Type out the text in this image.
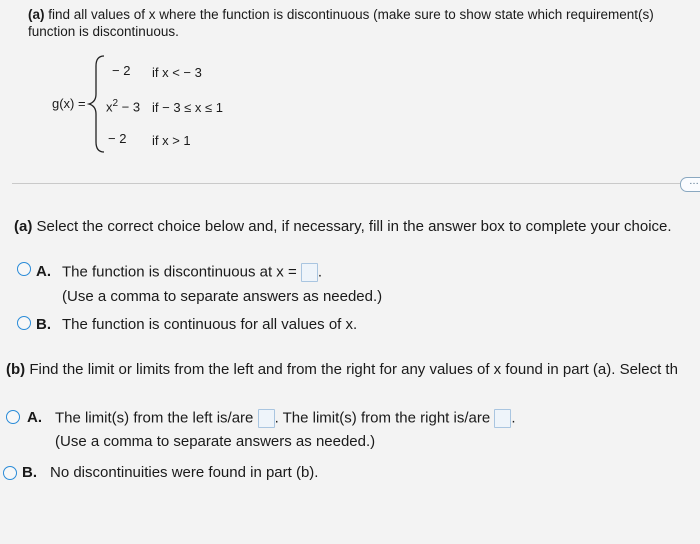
(a) find all values of x where the function is discontinuous (make sure to show state which requirement(s)
function is discontinuous.
g(x) =
− 2 if x < − 3
$x^2 - 3$ if − 3 ≤ x ≤ 1
− 2 if x > 1
…
(a) Select the correct choice below and, if necessary, fill in the answer box to complete your choice.
A. The function is discontinuous at x = .
(Use a comma to separate answers as needed.)
B. The function is continuous for all values of x.
(b) Find the limit or limits from the left and from the right for any values of x found in part (a). Select th
A. The limit(s) from the left is/are . The limit(s) from the right is/are .
(Use a comma to separate answers as needed.)
B. No discontinuities were found in part (b).
